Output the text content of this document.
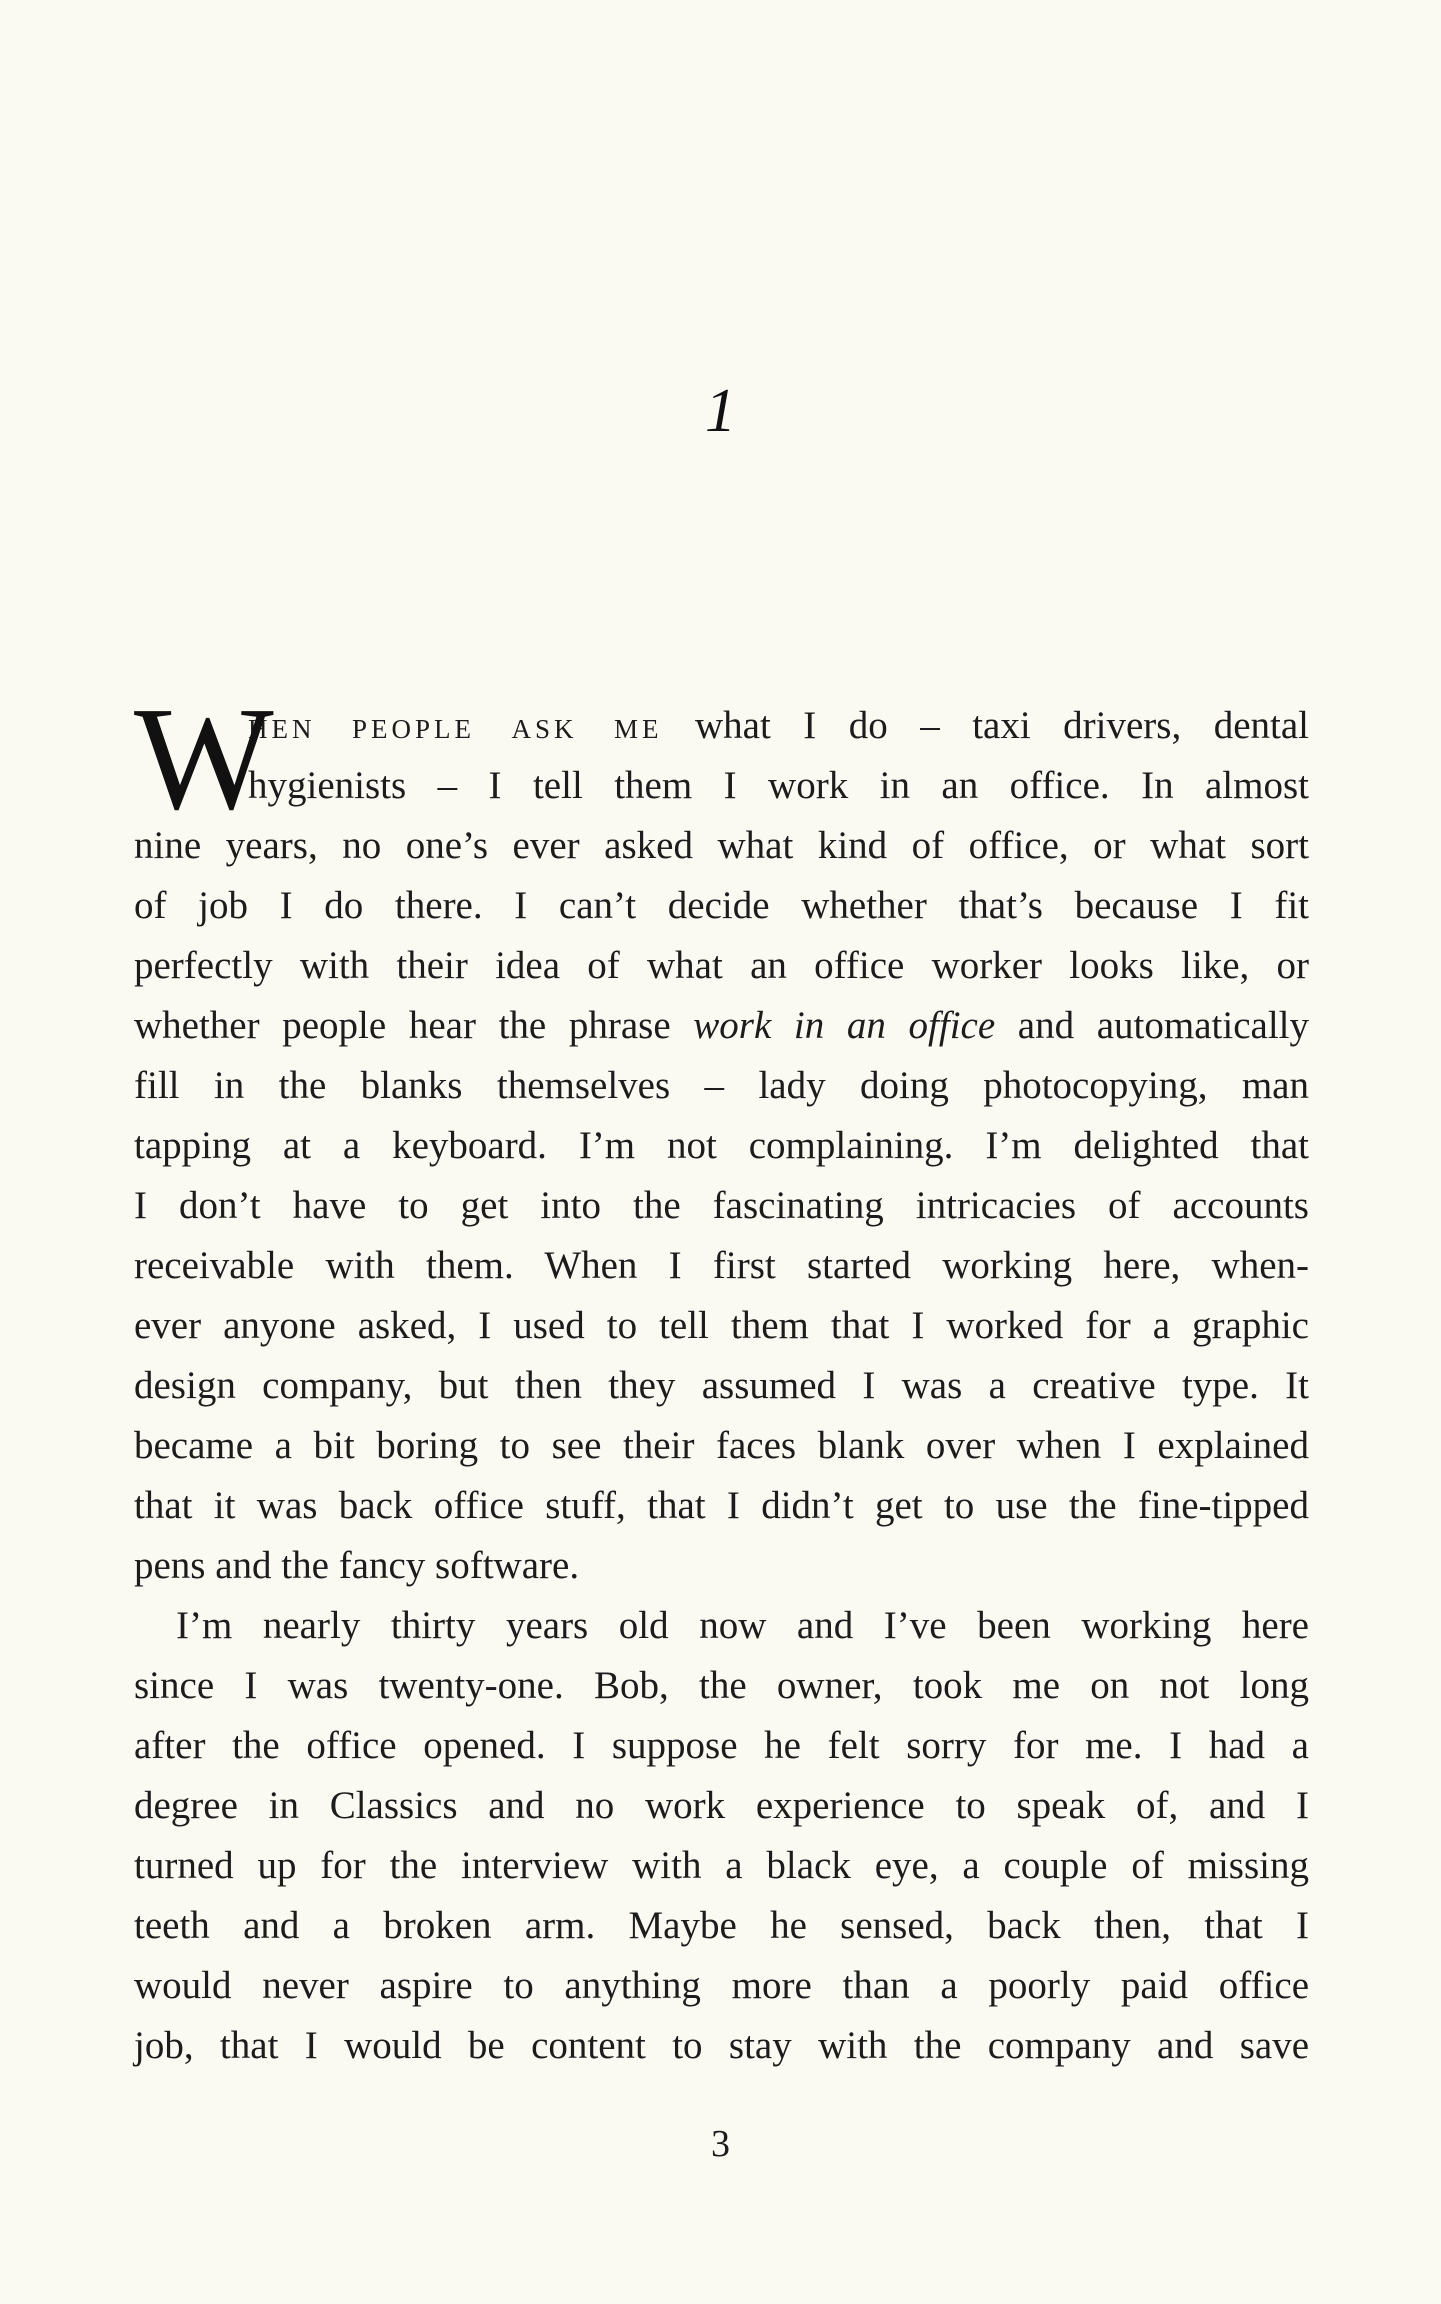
1
W
hen people ask me what I do – taxi drivers, dental
hygienists – I tell them I work in an office. In almost
nine years, no one’s ever asked what kind of office, or what sort
of job I do there. I can’t decide whether that’s because I fit
perfectly with their idea of what an office worker looks like, or
whether people hear the phrase work in an office and automatically
fill in the blanks themselves – lady doing photocopying, man
tapping at a keyboard. I’m not complaining. I’m delighted that
I don’t have to get into the fascinating intricacies of accounts
receivable with them. When I first started working here, when-
ever anyone asked, I used to tell them that I worked for a graphic
design company, but then they assumed I was a creative type. It
became a bit boring to see their faces blank over when I explained
that it was back office stuff, that I didn’t get to use the fine-tipped
pens and the fancy software.
I’m nearly thirty years old now and I’ve been working here
since I was twenty-one. Bob, the owner, took me on not long
after the office opened. I suppose he felt sorry for me. I had a
degree in Classics and no work experience to speak of, and I
turned up for the interview with a black eye, a couple of missing
teeth and a broken arm. Maybe he sensed, back then, that I
would never aspire to anything more than a poorly paid office
job, that I would be content to stay with the company and save
3
